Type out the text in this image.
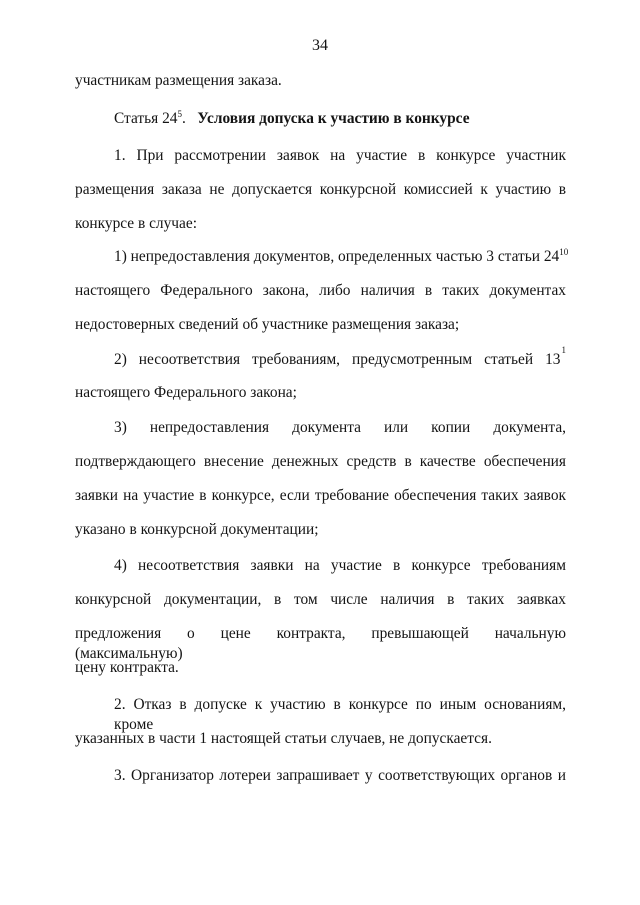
34
участникам размещения заказа.
Статья $24^5$. Условия допуска к участию в конкурсе
1. При рассмотрении заявок на участие в конкурсе участник
размещения заказа не допускается конкурсной комиссией к участию в
конкурсе в случае:
1) непредоставления документов, определенных частью 3 статьи $24^{10}$
настоящего Федерального закона, либо наличия в таких документах
недостоверных сведений об участнике размещения заказа;
2) несоответствия требованиям, предусмотренным статьей 13
1
настоящего Федерального закона;
3) непредоставления документа или копии документа,
подтверждающего внесение денежных средств в качестве обеспечения
заявки на участие в конкурсе, если требование обеспечения таких заявок
указано в конкурсной документации;
4) несоответствия заявки на участие в конкурсе требованиям
конкурсной документации, в том числе наличия в таких заявках
предложения о цене контракта, превышающей начальную (максимальную)
цену контракта.
2. Отказ в допуске к участию в конкурсе по иным основаниям, кроме
указанных в части 1 настоящей статьи случаев, не допускается.
3. Организатор лотереи запрашивает у соответствующих органов и
